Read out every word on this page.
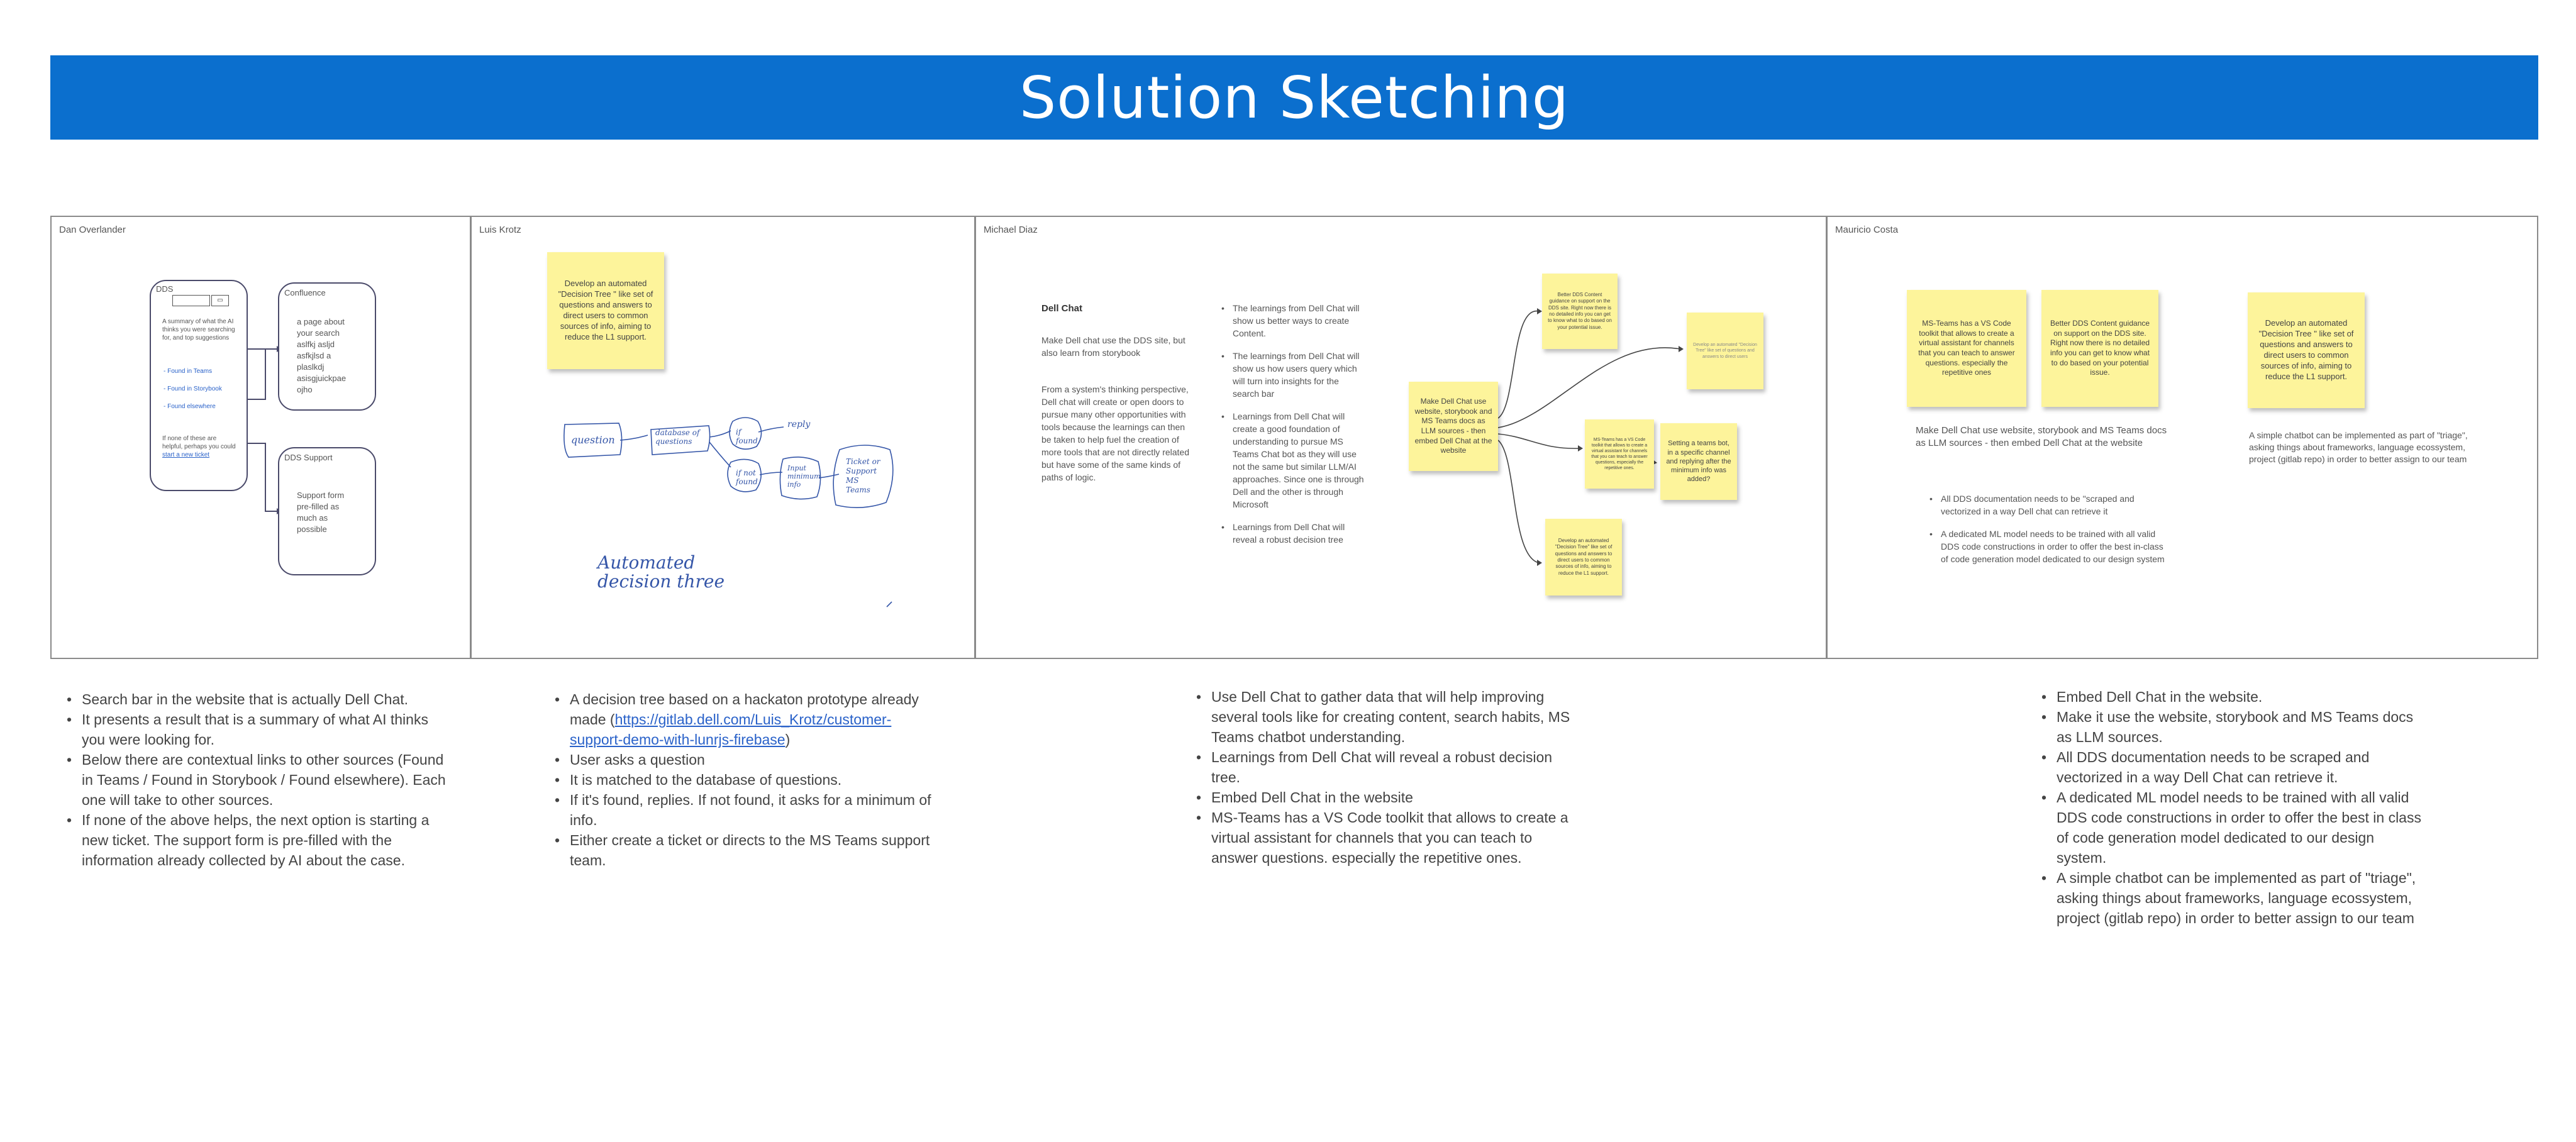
Solution Sketching
Dan Overlander
DDS
▭
A summary of what the AI thinks you were searching for, and top suggestions
- Found in Teams
- Found in Storybook
- Found elsewhere
If none of these are helpful, perhaps you could start a new ticket
Confluence
a page about your search aslfkj asljd asfkjlsd a plaslkdj asisgjuickpae ojho
DDS Support
Support form pre-filled as much as possible
Luis Krotz
Develop an automated "Decision Tree " like set of questions and answers to direct users to common sources of info, aiming to reduce the L1 support.
question
database of questions
if found
reply
if not found
Input minimum info
Ticket or Support MS Teams
Automated decision three
Michael Diaz
Dell Chat
Make Dell chat use the DDS site, but also learn from storybook
From a system's thinking perspective, Dell chat will create or open doors to pursue many other opportunities with tools because the learnings can then be taken to help fuel the creation of more tools that are not directly related but have some of the same kinds of paths of logic.
• The learnings from Dell Chat will show us better ways to create Content.
• The learnings from Dell Chat will show us how users query which will turn into insights for the search bar
• Learnings from Dell Chat will create a good foundation of understanding to pursue MS Teams Chat bot as they will use not the same but similar LLM/AI approaches. Since one is through Dell and the other is through Microsoft
• Learnings from Dell Chat will reveal a robust decision tree
Make Dell Chat use website, storybook and MS Teams docs as LLM sources - then embed Dell Chat at the website
Better DDS Content guidance on support on the DDS site. Right now there is no detailed info you can get to know what to do based on your potential issue.
Develop an automated "Decision Tree" like set of questions and answers to direct users
MS-Teams has a VS Code toolkit that allows to create a virtual assistant for channels that you can teach to answer questions, especially the repetitive ones.
Setting a teams bot, in a specific channel and replying after the minimum info was added?
Develop an automated "Decision Tree" like set of questions and answers to direct users to common sources of info, aiming to reduce the L1 support.
Mauricio Costa
MS-Teams has a VS Code toolkit that allows to create a virtual assistant for channels that you can teach to answer questions. especially the repetitive ones
Better DDS Content guidance on support on the DDS site. Right now there is no detailed info you can get to know what to do based on your potential issue.
Develop an automated "Decision Tree " like set of questions and answers to direct users to common sources of info, aiming to reduce the L1 support.
Make Dell Chat use website, storybook and MS Teams docs as LLM sources - then embed Dell Chat at the website
• All DDS documentation needs to be "scraped and vectorized in a way Dell chat can retrieve it
• A dedicated ML model needs to be trained with all valid DDS code constructions in order to offer the best in-class of code generation model dedicated to our design system
A simple chatbot can be implemented as part of "triage", asking things about frameworks, language ecossystem, project (gitlab repo) in order to better assign to our team
• Search bar in the website that is actually Dell Chat.
• It presents a result that is a summary of what AI thinks you were looking for.
• Below there are contextual links to other sources (Found in Teams / Found in Storybook / Found elsewhere). Each one will take to other sources.
• If none of the above helps, the next option is starting a new ticket. The support form is pre-filled with the information already collected by AI about the case.
• A decision tree based on a hackaton prototype already made (https://gitlab.dell.com/Luis_Krotz/customer-support-demo-with-lunrjs-firebase)
• User asks a question
• It is matched to the database of questions.
• If it's found, replies. If not found, it asks for a minimum of info.
• Either create a ticket or directs to the MS Teams support team.
• Use Dell Chat to gather data that will help improving several tools like for creating content, search habits, MS Teams chatbot understanding.
• Learnings from Dell Chat will reveal a robust decision tree.
• Embed Dell Chat in the website
• MS-Teams has a VS Code toolkit that allows to create a virtual assistant for channels that you can teach to answer questions. especially the repetitive ones.
• Embed Dell Chat in the website.
• Make it use the website, storybook and MS Teams docs as LLM sources.
• All DDS documentation needs to be scraped and vectorized in a way Dell Chat can retrieve it.
• A dedicated ML model needs to be trained with all valid DDS code constructions in order to offer the best in class of code generation model dedicated to our design system.
• A simple chatbot can be implemented as part of "triage", asking things about frameworks, language ecossystem, project (gitlab repo) in order to better assign to our team
